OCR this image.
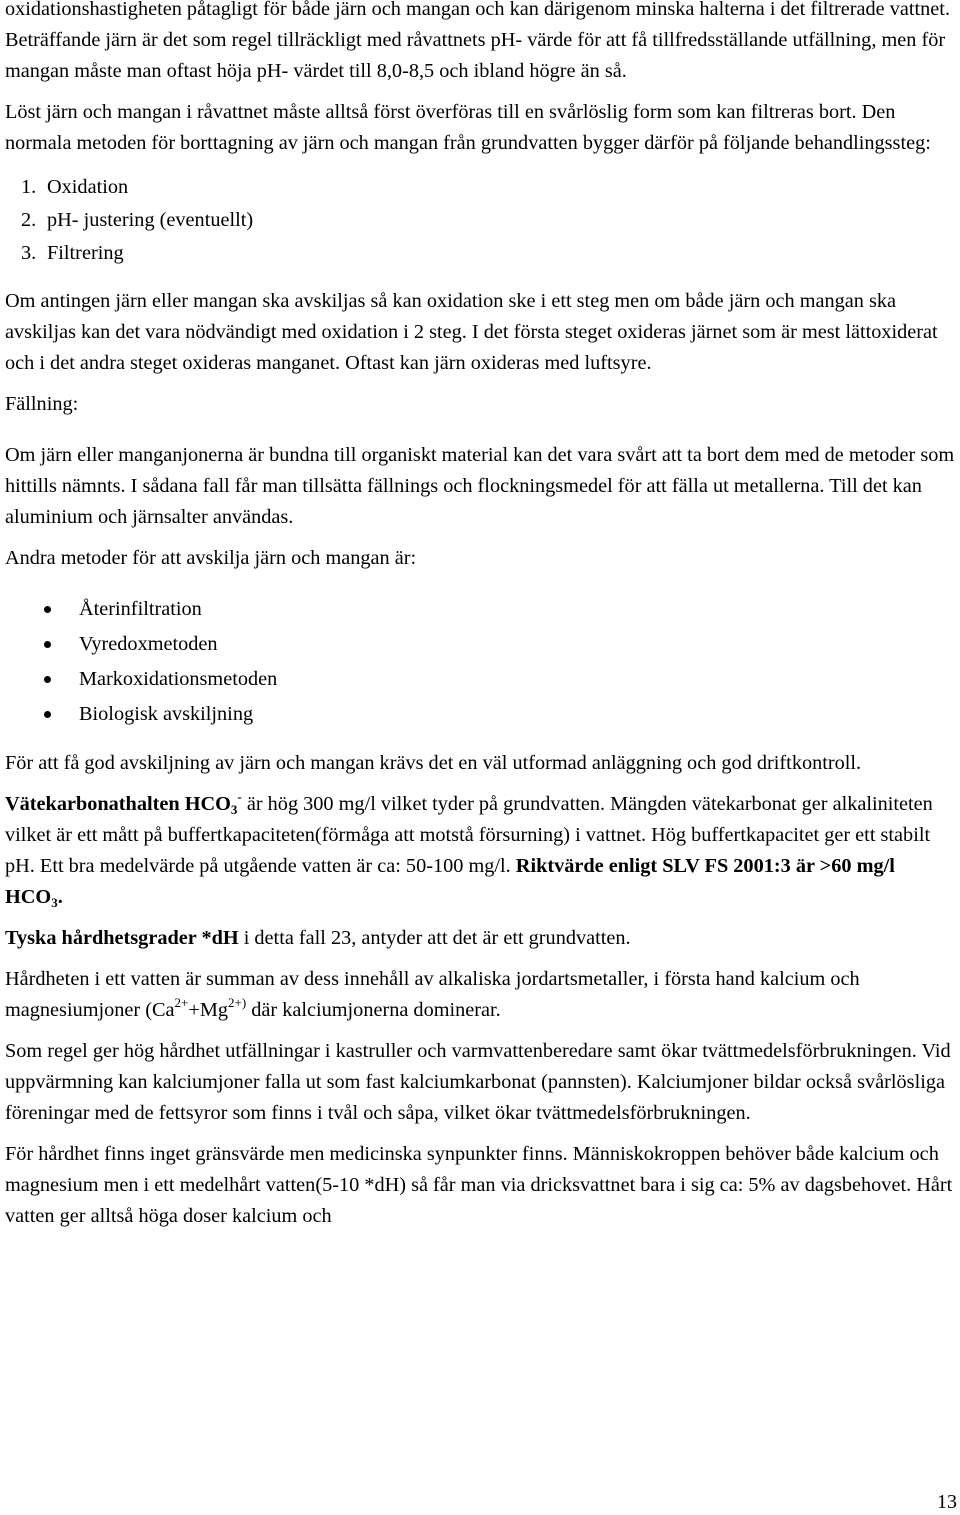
oxidationshastigheten påtagligt för både järn och mangan och kan därigenom minska halterna i det filtrerade vattnet. Beträffande järn är det som regel tillräckligt med råvattnets pH- värde för att få tillfredsställande utfällning, men för mangan måste man oftast höja pH- värdet till 8,0-8,5 och ibland högre än så.

Löst järn och mangan i råvattnet måste alltså först överföras till en svårlöslig form som kan filtreras bort. Den normala metoden för borttagning av järn och mangan från grundvatten bygger därför på följande behandlingssteg:

1. Oxidation
2. pH- justering (eventuellt)
3. Filtrering

Om antingen järn eller mangan ska avskiljas så kan oxidation ske i ett steg men om både järn och mangan ska avskiljas kan det vara nödvändigt med oxidation i 2 steg. I det första steget oxideras järnet som är mest lättoxiderat och i det andra steget oxideras manganet. Oftast kan järn oxideras med luftsyre.

Fällning:

Om järn eller manganjonerna är bundna till organiskt material kan det vara svårt att ta bort dem med de metoder som hittills nämnts. I sådana fall får man tillsätta fällnings och flockningsmedel för att fälla ut metallerna. Till det kan aluminium och järnsalter användas.

Andra metoder för att avskilja järn och mangan är:

Återinfiltration
Vyredoxmetoden
Markoxidationsmetoden
Biologisk avskiljning

För att få god avskiljning av järn och mangan krävs det en väl utformad anläggning och god driftkontroll.

Vätekarbonathalten $HCO_3^-$ är hög 300 mg/l vilket tyder på grundvatten. Mängden vätekarbonat ger alkaliniteten vilket är ett mått på buffertkapaciteten(förmåga att motstå försurning) i vattnet. Hög buffertkapacitet ger ett stabilt pH. Ett bra medelvärde på utgående vatten är ca: 50-100 mg/l. Riktvärde enligt SLV FS 2001:3 är >60 mg/l $HCO_3$.

Tyska hårdhetsgrader *dH i detta fall 23, antyder att det är ett grundvatten.

Hårdheten i ett vatten är summan av dess innehåll av alkaliska jordartsmetaller, i första hand kalcium och magnesiumjoner ($Ca^{2+}+Mg^{2+)}$ där kalciumjonerna dominerar.

Som regel ger hög hårdhet utfällningar i kastruller och varmvattenberedare samt ökar tvättmedelsförbrukningen. Vid uppvärmning kan kalciumjoner falla ut som fast kalciumkarbonat (pannsten). Kalciumjoner bildar också svårlösliga föreningar med de fettsyror som finns i tvål och såpa, vilket ökar tvättmedelsförbrukningen.

För hårdhet finns inget gränsvärde men medicinska synpunkter finns. Människokroppen behöver både kalcium och magnesium men i ett medelhårt vatten(5-10 *dH) så får man via dricksvattnet bara i sig ca: 5% av dagsbehovet. Hårt vatten ger alltså höga doser kalcium och

13
